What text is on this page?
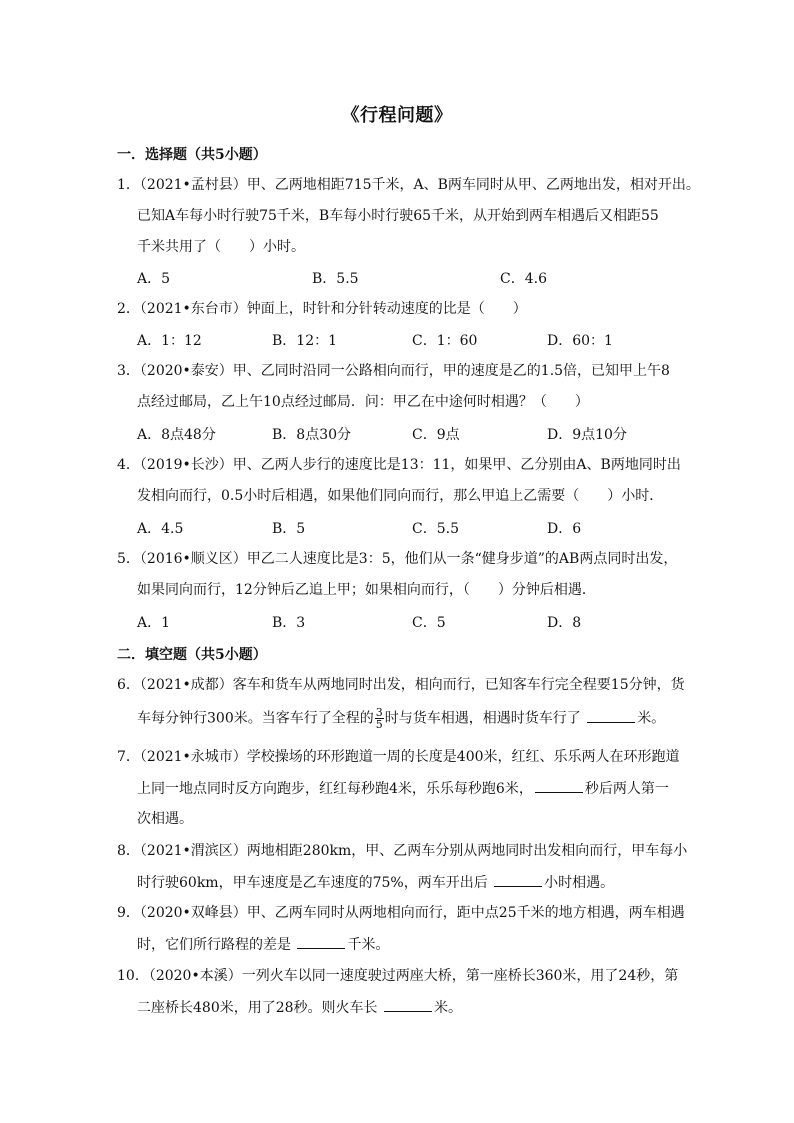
《行程问题》
一．选择题（共5小题）
1．（2021•孟村县）甲、乙两地相距715千米，A、B两车同时从甲、乙两地出发，相对开出。
已知A车每小时行驶75千米，B车每小时行驶65千米，从开始到两车相遇后又相距55
千米共用了（　　）小时。
A．5	B．5.5	C．4.6
2．（2021•东台市）钟面上，时针和分针转动速度的比是（　　）
A．1：12	B．12：1	C．1：60	D．60：1
3．（2020•泰安）甲、乙同时沿同一公路相向而行，甲的速度是乙的1.5倍，已知甲上午8
点经过邮局，乙上午10点经过邮局．问：甲乙在中途何时相遇？（　　）
A．8点48分	B．8点30分	C．9点	D．9点10分
4．（2019•长沙）甲、乙两人步行的速度比是13：11，如果甲、乙分别由A、B两地同时出
发相向而行，0.5小时后相遇，如果他们同向而行，那么甲追上乙需要（　　）小时．
A．4.5	B．5	C．5.5	D．6
5．（2016•顺义区）甲乙二人速度比是3：5，他们从一条“健身步道”的AB两点同时出发，
如果同向而行，12分钟后乙追上甲；如果相向而行，（　　）分钟后相遇．
A．1	B．3	C．5	D．8
二．填空题（共5小题）
6．（2021•成都）客车和货车从两地同时出发，相向而行，已知客车行完全程要15分钟，货
车每分钟行300米。当客车行了全程的 $\frac{3}{5}$ 时与货车相遇，相遇时货车行了	米。
7．（2021•永城市）学校操场的环形跑道一周的长度是400米，红红、乐乐两人在环形跑道
上同一地点同时反方向跑步，红红每秒跑4米，乐乐每秒跑6米，	秒后两人第一
次相遇。
8．（2021•渭滨区）两地相距280km，甲、乙两车分别从两地同时出发相向而行，甲车每小
时行驶60km，甲车速度是乙车速度的75%，两车开出后	小时相遇。
9．（2020•双峰县）甲、乙两车同时从两地相向而行，距中点25千米的地方相遇，两车相遇
时，它们所行路程的差是	千米。
10．（2020•本溪）一列火车以同一速度驶过两座大桥，第一座桥长360米，用了24秒，第
二座桥长480米，用了28秒。则火车长	米。
